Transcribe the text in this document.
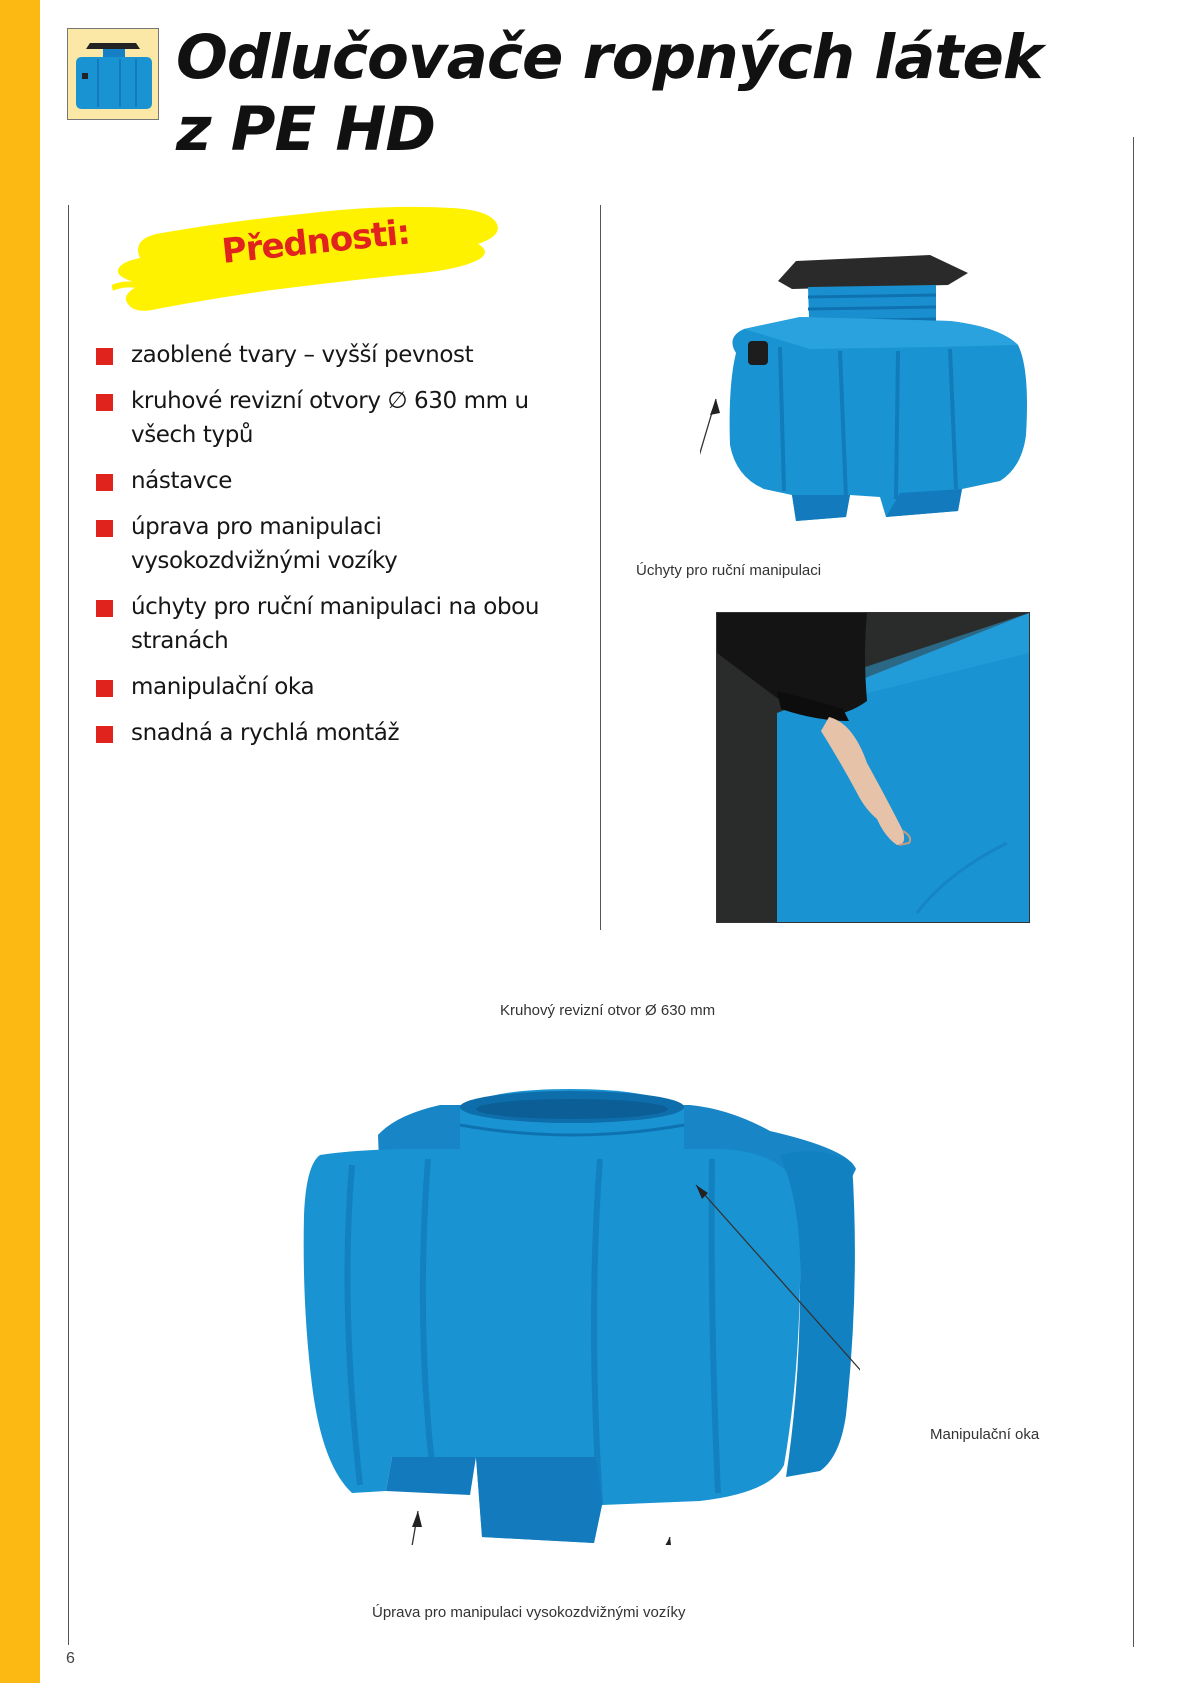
Odlučovače ropných látek
z PE HD
Přednosti:
zaoblené tvary – vyšší pevnost
kruhové revizní otvory ∅ 630 mm u všech typů
nástavce
úprava pro manipulaci vysokozdvižnými vozíky
úchyty pro ruční manipulaci na obou stranách
manipulační oka
snadná a rychlá montáž
Úchyty pro ruční manipulaci
Kruhový revizní otvor Ø 630 mm
Manipulační oka
Úprava pro manipulaci vysokozdvižnými vozíky
6
